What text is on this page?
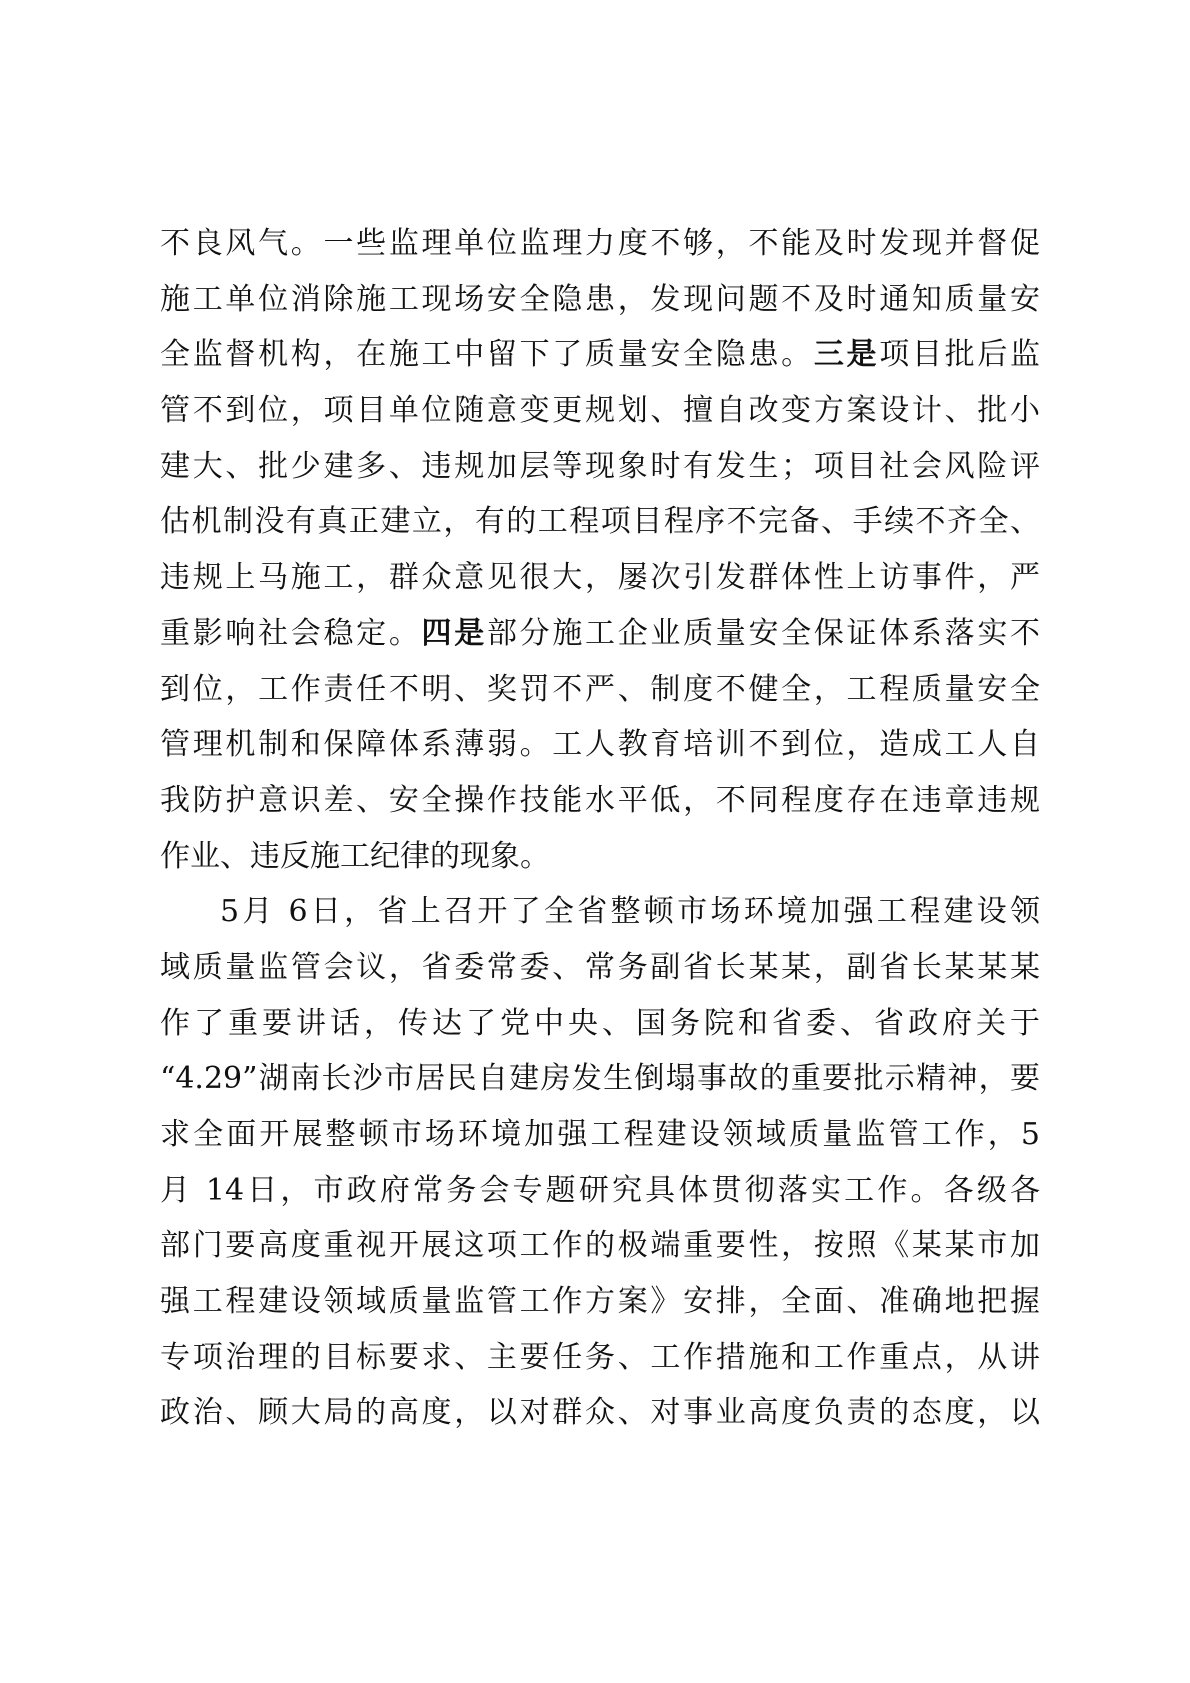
不良风气。一些监理单位监理力度不够，不能及时发现并督促
施工单位消除施工现场安全隐患，发现问题不及时通知质量安
全监督机构，在施工中留下了质量安全隐患。三是项目批后监
管不到位，项目单位随意变更规划、擅自改变方案设计、批小
建大、批少建多、违规加层等现象时有发生；项目社会风险评
估机制没有真正建立，有的工程项目程序不完备、手续不齐全、
违规上马施工，群众意见很大，屡次引发群体性上访事件，严
重影响社会稳定。四是部分施工企业质量安全保证体系落实不
到位，工作责任不明、奖罚不严、制度不健全，工程质量安全
管理机制和保障体系薄弱。工人教育培训不到位，造成工人自
我防护意识差、安全操作技能水平低，不同程度存在违章违规
作业、违反施工纪律的现象。
5月 6日，省上召开了全省整顿市场环境加强工程建设领
域质量监管会议，省委常委、常务副省长某某，副省长某某某
作了重要讲话，传达了党中央、国务院和省委、省政府关于
“4.29”湖南长沙市居民自建房发生倒塌事故的重要批示精神，要
求全面开展整顿市场环境加强工程建设领域质量监管工作，5
月 14日，市政府常务会专题研究具体贯彻落实工作。各级各
部门要高度重视开展这项工作的极端重要性，按照《某某市加
强工程建设领域质量监管工作方案》安排，全面、准确地把握
专项治理的目标要求、主要任务、工作措施和工作重点，从讲
政治、顾大局的高度，以对群众、对事业高度负责的态度，以
